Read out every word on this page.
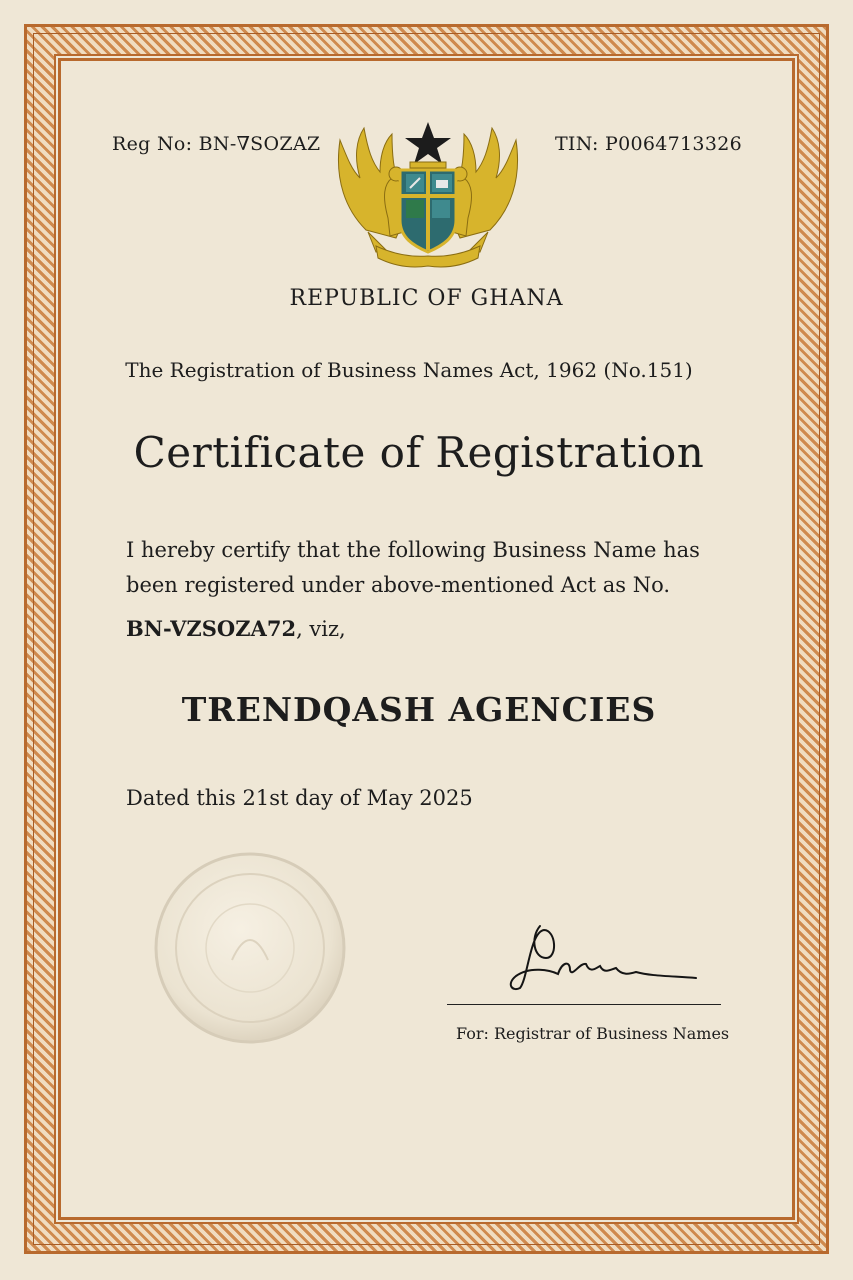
Reg No: BN-∇SOZAZ	TIN: P0064713326

REPUBLIC OF GHANA

The Registration of Business Names Act, 1962 (No.151)

Certificate of Registration

I hereby certify that the following Business Name has been registered under above-mentioned Act as No.

BN-VZSOZA72, viz,

TRENDQASH AGENCIES

Dated this 21st day of May 2025

For: Registrar of Business Names
